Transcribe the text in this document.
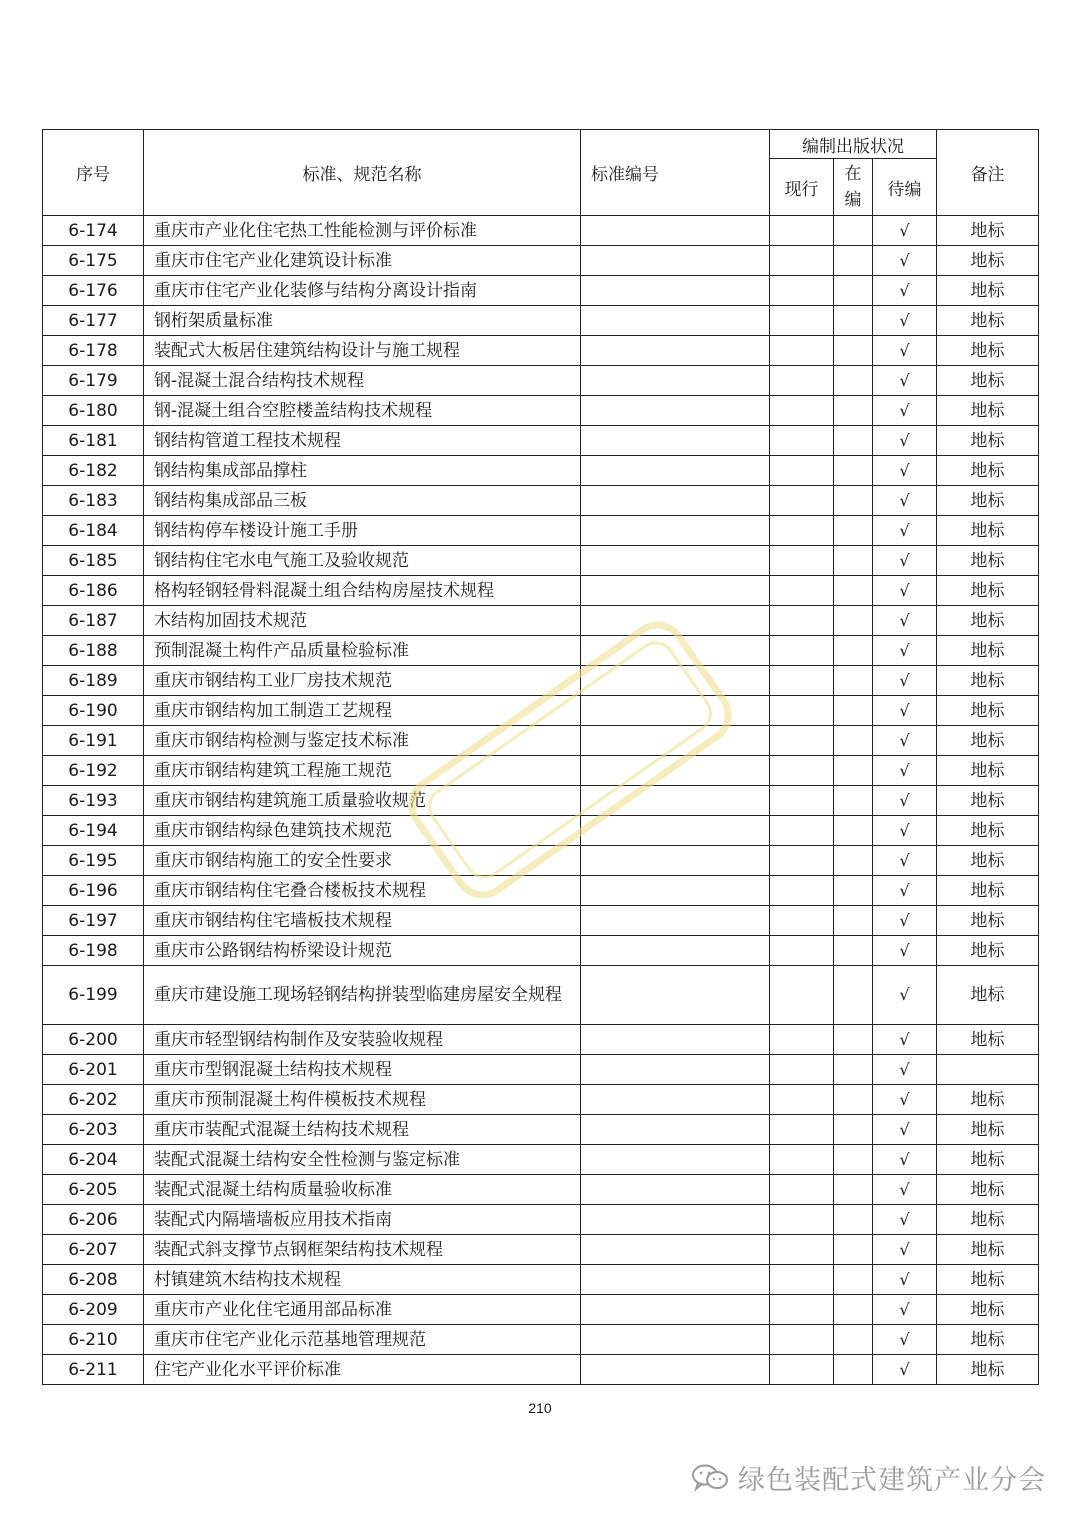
序号	标准、规范名称	标准编号	编制出版状况			备注
			现行	在编	待编	
6-174	重庆市产业化住宅热工性能检测与评价标准				√	地标
6-175	重庆市住宅产业化建筑设计标准				√	地标
6-176	重庆市住宅产业化装修与结构分离设计指南				√	地标
6-177	钢桁架质量标准				√	地标
6-178	装配式大板居住建筑结构设计与施工规程				√	地标
6-179	钢-混凝土混合结构技术规程				√	地标
6-180	钢-混凝土组合空腔楼盖结构技术规程				√	地标
6-181	钢结构管道工程技术规程				√	地标
6-182	钢结构集成部品撑柱				√	地标
6-183	钢结构集成部品三板				√	地标
6-184	钢结构停车楼设计施工手册				√	地标
6-185	钢结构住宅水电气施工及验收规范				√	地标
6-186	格构轻钢轻骨料混凝土组合结构房屋技术规程				√	地标
6-187	木结构加固技术规范				√	地标
6-188	预制混凝土构件产品质量检验标准				√	地标
6-189	重庆市钢结构工业厂房技术规范				√	地标
6-190	重庆市钢结构加工制造工艺规程				√	地标
6-191	重庆市钢结构检测与鉴定技术标准				√	地标
6-192	重庆市钢结构建筑工程施工规范				√	地标
6-193	重庆市钢结构建筑施工质量验收规范				√	地标
6-194	重庆市钢结构绿色建筑技术规范				√	地标
6-195	重庆市钢结构施工的安全性要求				√	地标
6-196	重庆市钢结构住宅叠合楼板技术规程				√	地标
6-197	重庆市钢结构住宅墙板技术规程				√	地标
6-198	重庆市公路钢结构桥梁设计规范				√	地标
6-199	重庆市建设施工现场轻钢结构拼装型临建房屋安全规程				√	地标
6-200	重庆市轻型钢结构制作及安装验收规程				√	地标
6-201	重庆市型钢混凝土结构技术规程				√	
6-202	重庆市预制混凝土构件模板技术规程				√	地标
6-203	重庆市装配式混凝土结构技术规程				√	地标
6-204	装配式混凝土结构安全性检测与鉴定标准				√	地标
6-205	装配式混凝土结构质量验收标准				√	地标
6-206	装配式内隔墙墙板应用技术指南				√	地标
6-207	装配式斜支撑节点钢框架结构技术规程				√	地标
6-208	村镇建筑木结构技术规程				√	地标
6-209	重庆市产业化住宅通用部品标准				√	地标
6-210	重庆市住宅产业化示范基地管理规范				√	地标
6-211	住宅产业化水平评价标准				√	地标
210
绿色装配式建筑产业分会
